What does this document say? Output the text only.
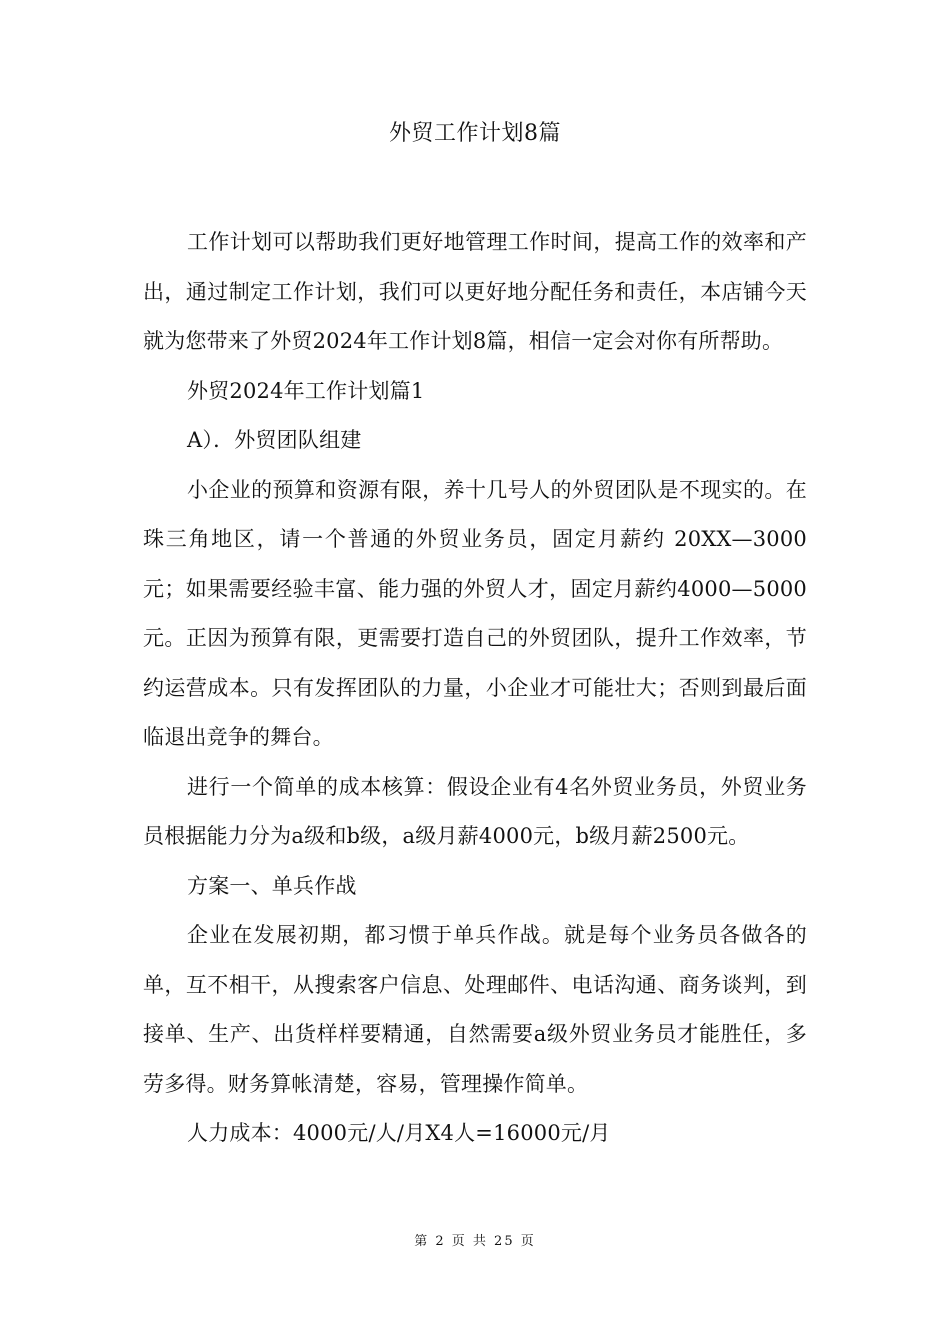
外贸工作计划8篇

工作计划可以帮助我们更好地管理工作时间，提高工作的效率和产出，通过制定工作计划，我们可以更好地分配任务和责任，本店铺今天就为您带来了外贸2024年工作计划8篇，相信一定会对你有所帮助。

外贸2024年工作计划篇1

A）．外贸团队组建

小企业的预算和资源有限，养十几号人的外贸团队是不现实的。在珠三角地区，请一个普通的外贸业务员，固定月薪约 20XX—3000元；如果需要经验丰富、能力强的外贸人才，固定月薪约4000—5000元。正因为预算有限，更需要打造自己的外贸团队，提升工作效率，节约运营成本。只有发挥团队的力量，小企业才可能壮大；否则到最后面临退出竞争的舞台。

进行一个简单的成本核算：假设企业有4名外贸业务员，外贸业务员根据能力分为a级和b级，a级月薪4000元，b级月薪2500元。

方案一、单兵作战

企业在发展初期，都习惯于单兵作战。就是每个业务员各做各的单，互不相干，从搜索客户信息、处理邮件、电话沟通、商务谈判，到接单、生产、出货样样要精通，自然需要a级外贸业务员才能胜任，多劳多得。财务算帐清楚，容易，管理操作简单。

人力成本：4000元/人/月X4人=16000元/月

第 2 页 共 25 页
